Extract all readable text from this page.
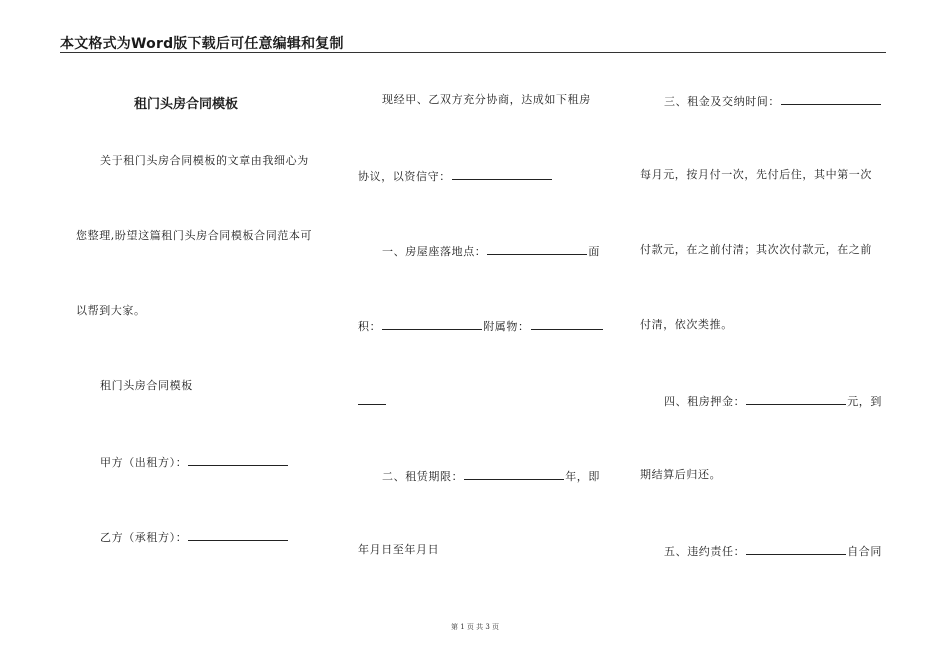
本文格式为Word版下载后可任意编辑和复制
租门头房合同模板
关于租门头房合同模板的文章由我细心为
您整理,盼望这篇租门头房合同模板合同范本可
以帮到大家。
租门头房合同模板
甲方（出租方）：
乙方（承租方）：
现经甲、乙双方充分协商，达成如下租房
协议，以资信守：
一、房屋座落地点：	面
积：	附属物：
二、租赁期限：	年，即
年月日至年月日
三、租金及交纳时间：
每月元，按月付一次，先付后住，其中第一次
付款元，在之前付清；其次次付款元，在之前
付清，依次类推。
四、租房押金：	元，到
期结算后归还。
五、违约责任：	自合同
第 1 页 共 3 页
